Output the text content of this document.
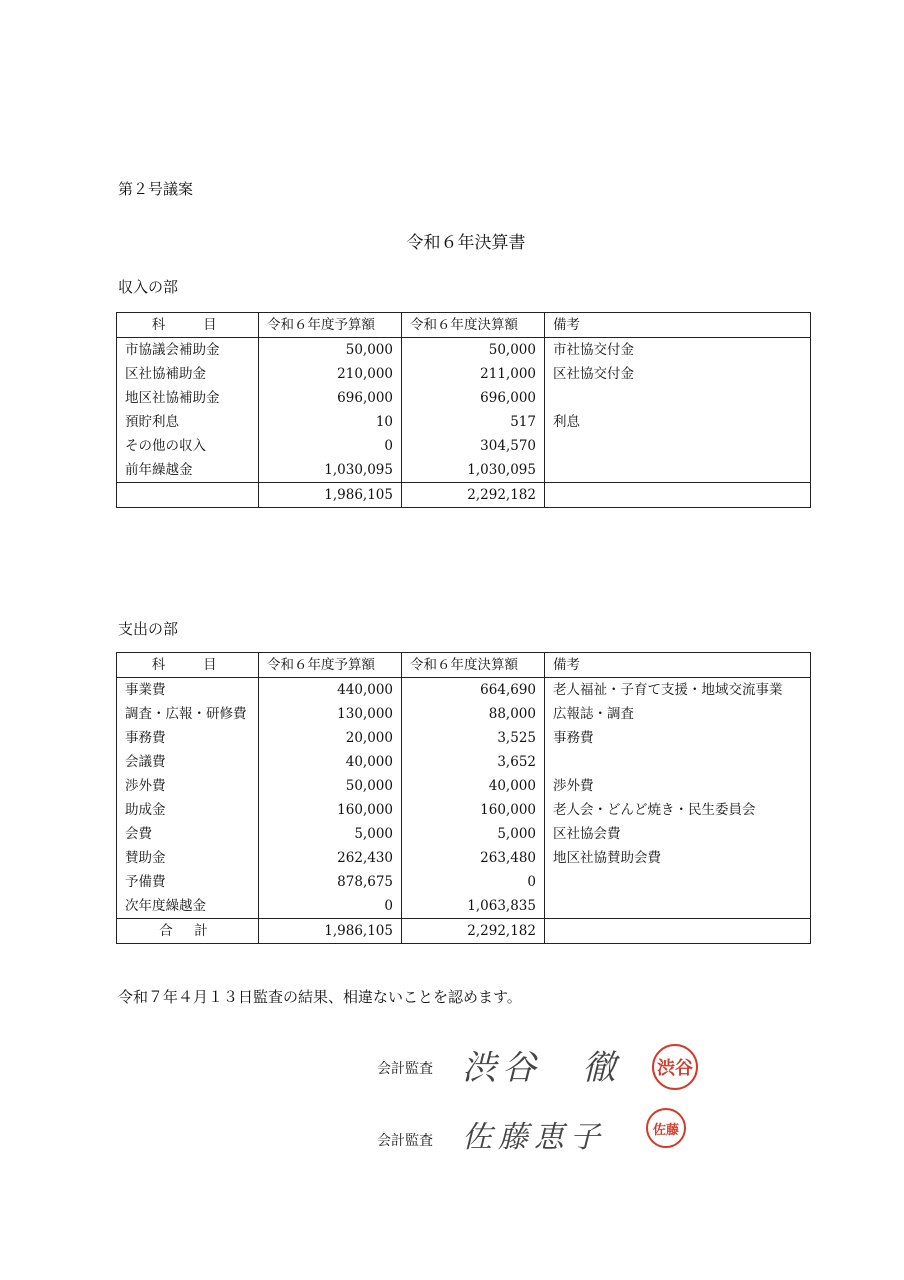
第２号議案
令和６年決算書
収入の部
科　目	令和６年度予算額	令和６年度決算額	備考
市協議会補助金	50,000	50,000	市社協交付金
区社協補助金	210,000	211,000	区社協交付金
地区社協補助金	696,000	696,000	
預貯利息	10	517	利息
その他の収入	0	304,570	
前年繰越金	1,030,095	1,030,095	
	1,986,105	2,292,182	
支出の部
科　目	令和６年度予算額	令和６年度決算額	備考
事業費	440,000	664,690	老人福祉・子育て支援・地域交流事業
調査・広報・研修費	130,000	88,000	広報誌・調査
事務費	20,000	3,525	事務費
会議費	40,000	3,652	
渉外費	50,000	40,000	渉外費
助成金	160,000	160,000	老人会・どんど焼き・民生委員会
会費	5,000	5,000	区社協会費
賛助金	262,430	263,480	地区社協賛助会費
予備費	878,675	0	
次年度繰越金	0	1,063,835	
合計	1,986,105	2,292,182	
令和７年４月１３日監査の結果、相違ないことを認めます。
会計監査 渋谷　徹 渋谷
会計監査 佐藤恵子	佐藤
